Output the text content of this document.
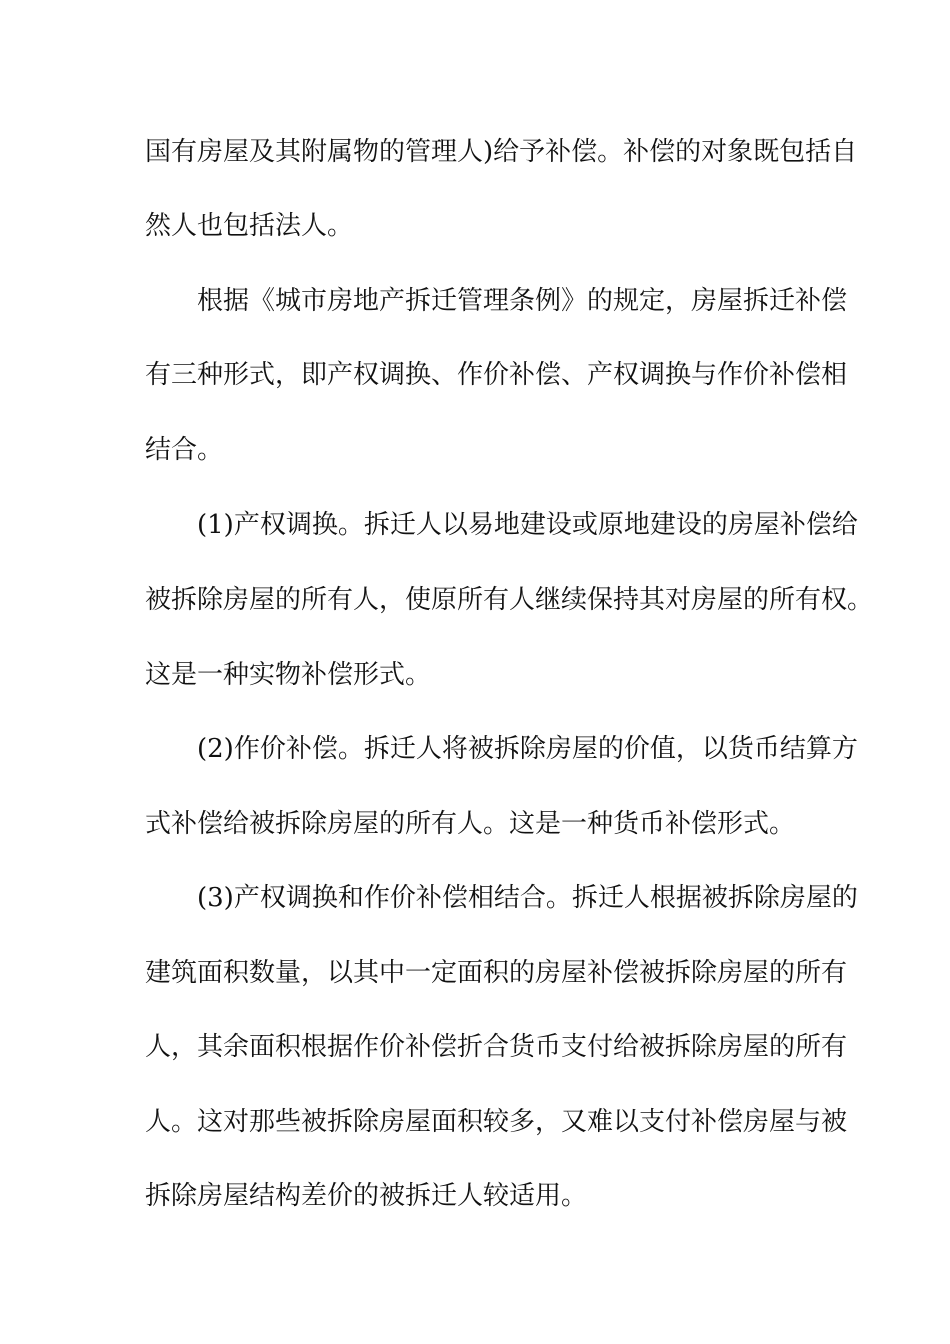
国有房屋及其附属物的管理人)给予补偿。补偿的对象既包括自
然人也包括法人。
根据《城市房地产拆迁管理条例》的规定，房屋拆迁补偿
有三种形式，即产权调换、作价补偿、产权调换与作价补偿相
结合。
(1)产权调换。拆迁人以易地建设或原地建设的房屋补偿给
被拆除房屋的所有人，使原所有人继续保持其对房屋的所有权。
这是一种实物补偿形式。
(2)作价补偿。拆迁人将被拆除房屋的价值，以货币结算方
式补偿给被拆除房屋的所有人。这是一种货币补偿形式。
(3)产权调换和作价补偿相结合。拆迁人根据被拆除房屋的
建筑面积数量，以其中一定面积的房屋补偿被拆除房屋的所有
人，其余面积根据作价补偿折合货币支付给被拆除房屋的所有
人。这对那些被拆除房屋面积较多，又难以支付补偿房屋与被
拆除房屋结构差价的被拆迁人较适用。
